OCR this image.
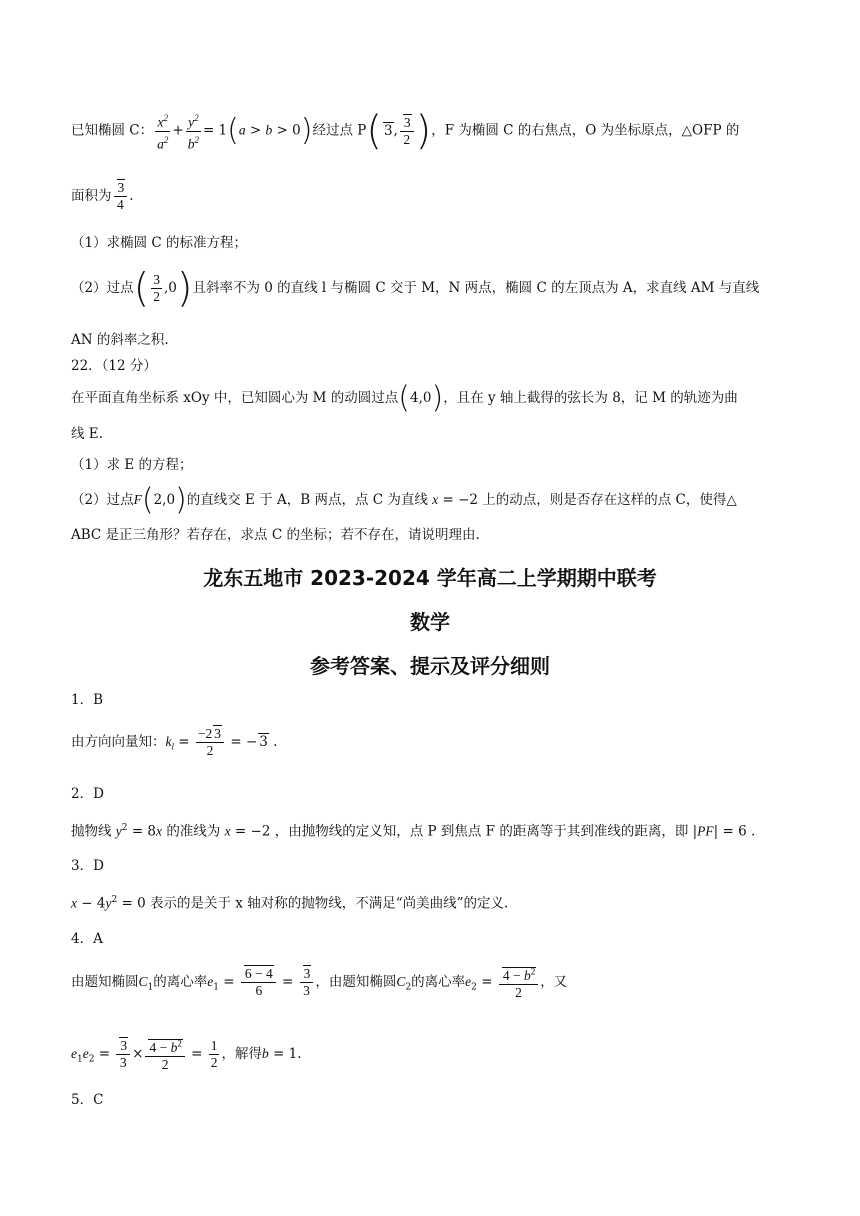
已知椭圆 C： $\frac{x^2}{a^2} + \frac{y^2}{b^2} = 1(a > b > 0)$经过点 P( 3, $\frac{3}{2}$ )，F 为椭圆 C 的右焦点，O 为坐标原点，△OFP 的
面积为 $\frac{3}{4}$ .
（1）求椭圆 C 的标准方程；
（2）过点( $\frac{3}{2} ,0$)且斜率不为 0 的直线 l 与椭圆 C 交于 M，N 两点，椭圆 C 的左顶点为 A，求直线 AM 与直线
AN 的斜率之积.
22．（12 分）
在平面直角坐标系 xOy 中，已知圆心为 M 的动圆过点(4,0)，且在 y 轴上截得的弦长为 8，记 M 的轨迹为曲
线 E.
（1）求 E 的方程；
（2）过点F(2,0)的直线交 E 于 A，B 两点，点 C 为直线 x = −2 上的动点，则是否存在这样的点 C，使得△
ABC 是正三角形？若存在，求点 C 的坐标；若不存在，请说明理由.
龙东五地市 2023-2024 学年高二上学期期中联考
数学
参考答案、提示及评分细则
1．B
由方向向量知：$k_l = \frac{-2 3}{2}$ = − 3 .
2．D
抛物线 $y^2 = 8x$ 的准线为 x = −2 ，由抛物线的定义知，点 P 到焦点 F 的距离等于其到准线的距离，即 |PF| = 6 .
3．D
$x - 4y^2 = 0$ 表示的是关于 x 轴对称的抛物线，不满足“尚美曲线”的定义.
4．A
由题知椭圆$C_1$的离心率$e_1 = \frac{6 - 4}{6} = \frac{3}{3}$ ，由题知椭圆$C_2$的离心率$e_2 = \frac{4 - b^2}{2}$ ，又
$e_1e_2 = \frac{3}{3} \times \frac{4 - b^2}{2} = \frac{1}{2}$ ，解得b = 1.
5．C
